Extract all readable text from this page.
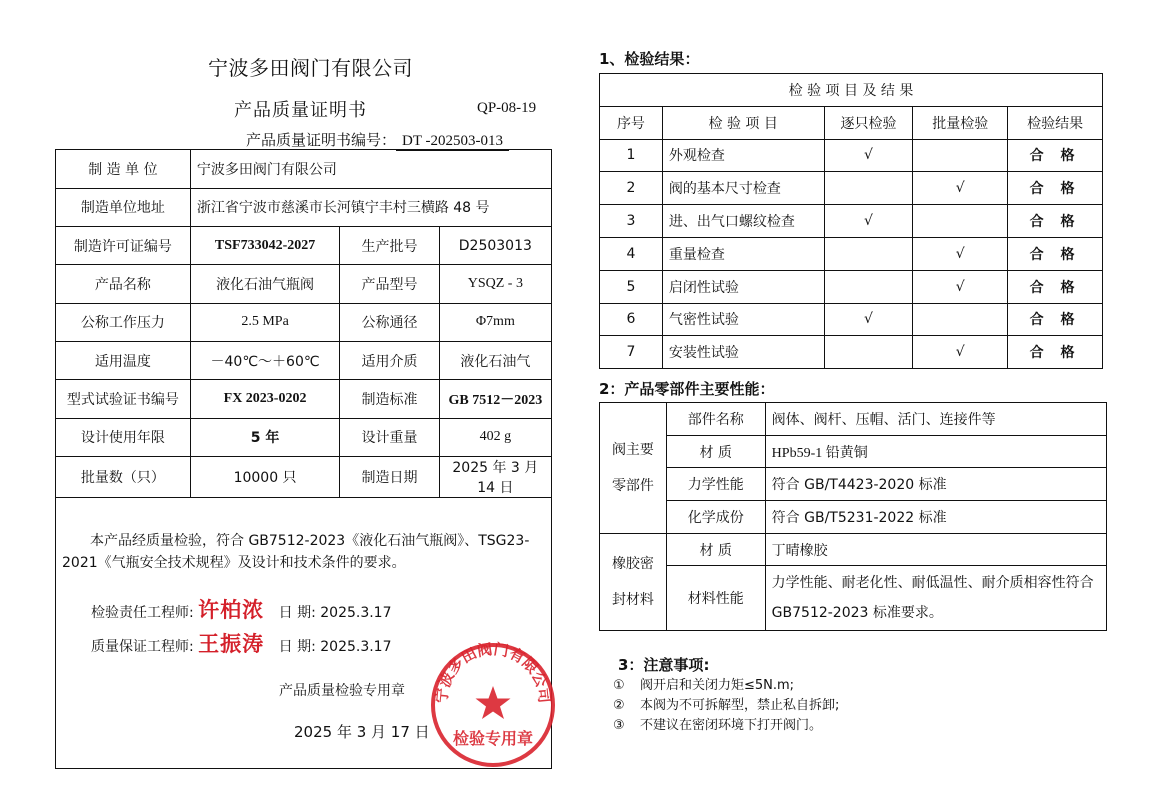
宁波多田阀门有限公司
产品质量证明书	QP-08-19
产品质量证明书编号： DT -202503-013
制 造 单 位	宁波多田阀门有限公司		
制造单位地址	浙江省宁波市慈溪市长河镇宁丰村三横路 48 号		
制造许可证编号	TSF733042-2027	生产批号	D2503013
产品名称	液化石油气瓶阀	产品型号	YSQZ - 3
公称工作压力	2.5 MPa	公称通径	Φ7mm
适用温度	－40℃～＋60℃	适用介质	液化石油气
型式试验证书编号	FX 2023-0202	制造标准	GB 7512－2023
设计使用年限	5 年	设计重量	402 g
批量数（只）	10000 只	制造日期	2025 年 3 月 14 日
本产品经质量检验，符合 GB7512-2023《液化石油气瓶阀》、TSG23-2021《气瓶安全技术规程》及设计和技术条件的要求。
检验责任工程师: 许柏浓 日 期: 2025.3.17
质量保证工程师: 王振涛 日 期: 2025.3.17
产品质量检验专用章
2025 年 3 月 17 日
宁波多田阀门有限公司
检验专用章
1、检验结果：
检 验 项 目 及 结 果				
序号	检 验 项 目	逐只检验	批量检验	检验结果
1	外观检查	√		合 格
2	阀的基本尺寸检查		√	合 格
3	进、出气口螺纹检查	√		合 格
4	重量检查		√	合 格
5	启闭性试验		√	合 格
6	气密性试验	√		合 格
7	安装性试验		√	合 格
2：产品零部件主要性能：
阀主要
零部件	部件名称	阀体、阀杆、压帽、活门、连接件等
	材 质	HPb59-1 铅黄铜
	力学性能	符合 GB/T4423-2020 标准
	化学成份	符合 GB/T5231-2022 标准
橡胶密
封材料	材 质	丁晴橡胶
	材料性能	力学性能、耐老化性、耐低温性、耐介质相容性符合
GB7512-2023 标准要求。
3：注意事项:
① 阀开启和关闭力矩≤5N.m;
② 本阀为不可拆解型，禁止私自拆卸;
③ 不建议在密闭环境下打开阀门。
